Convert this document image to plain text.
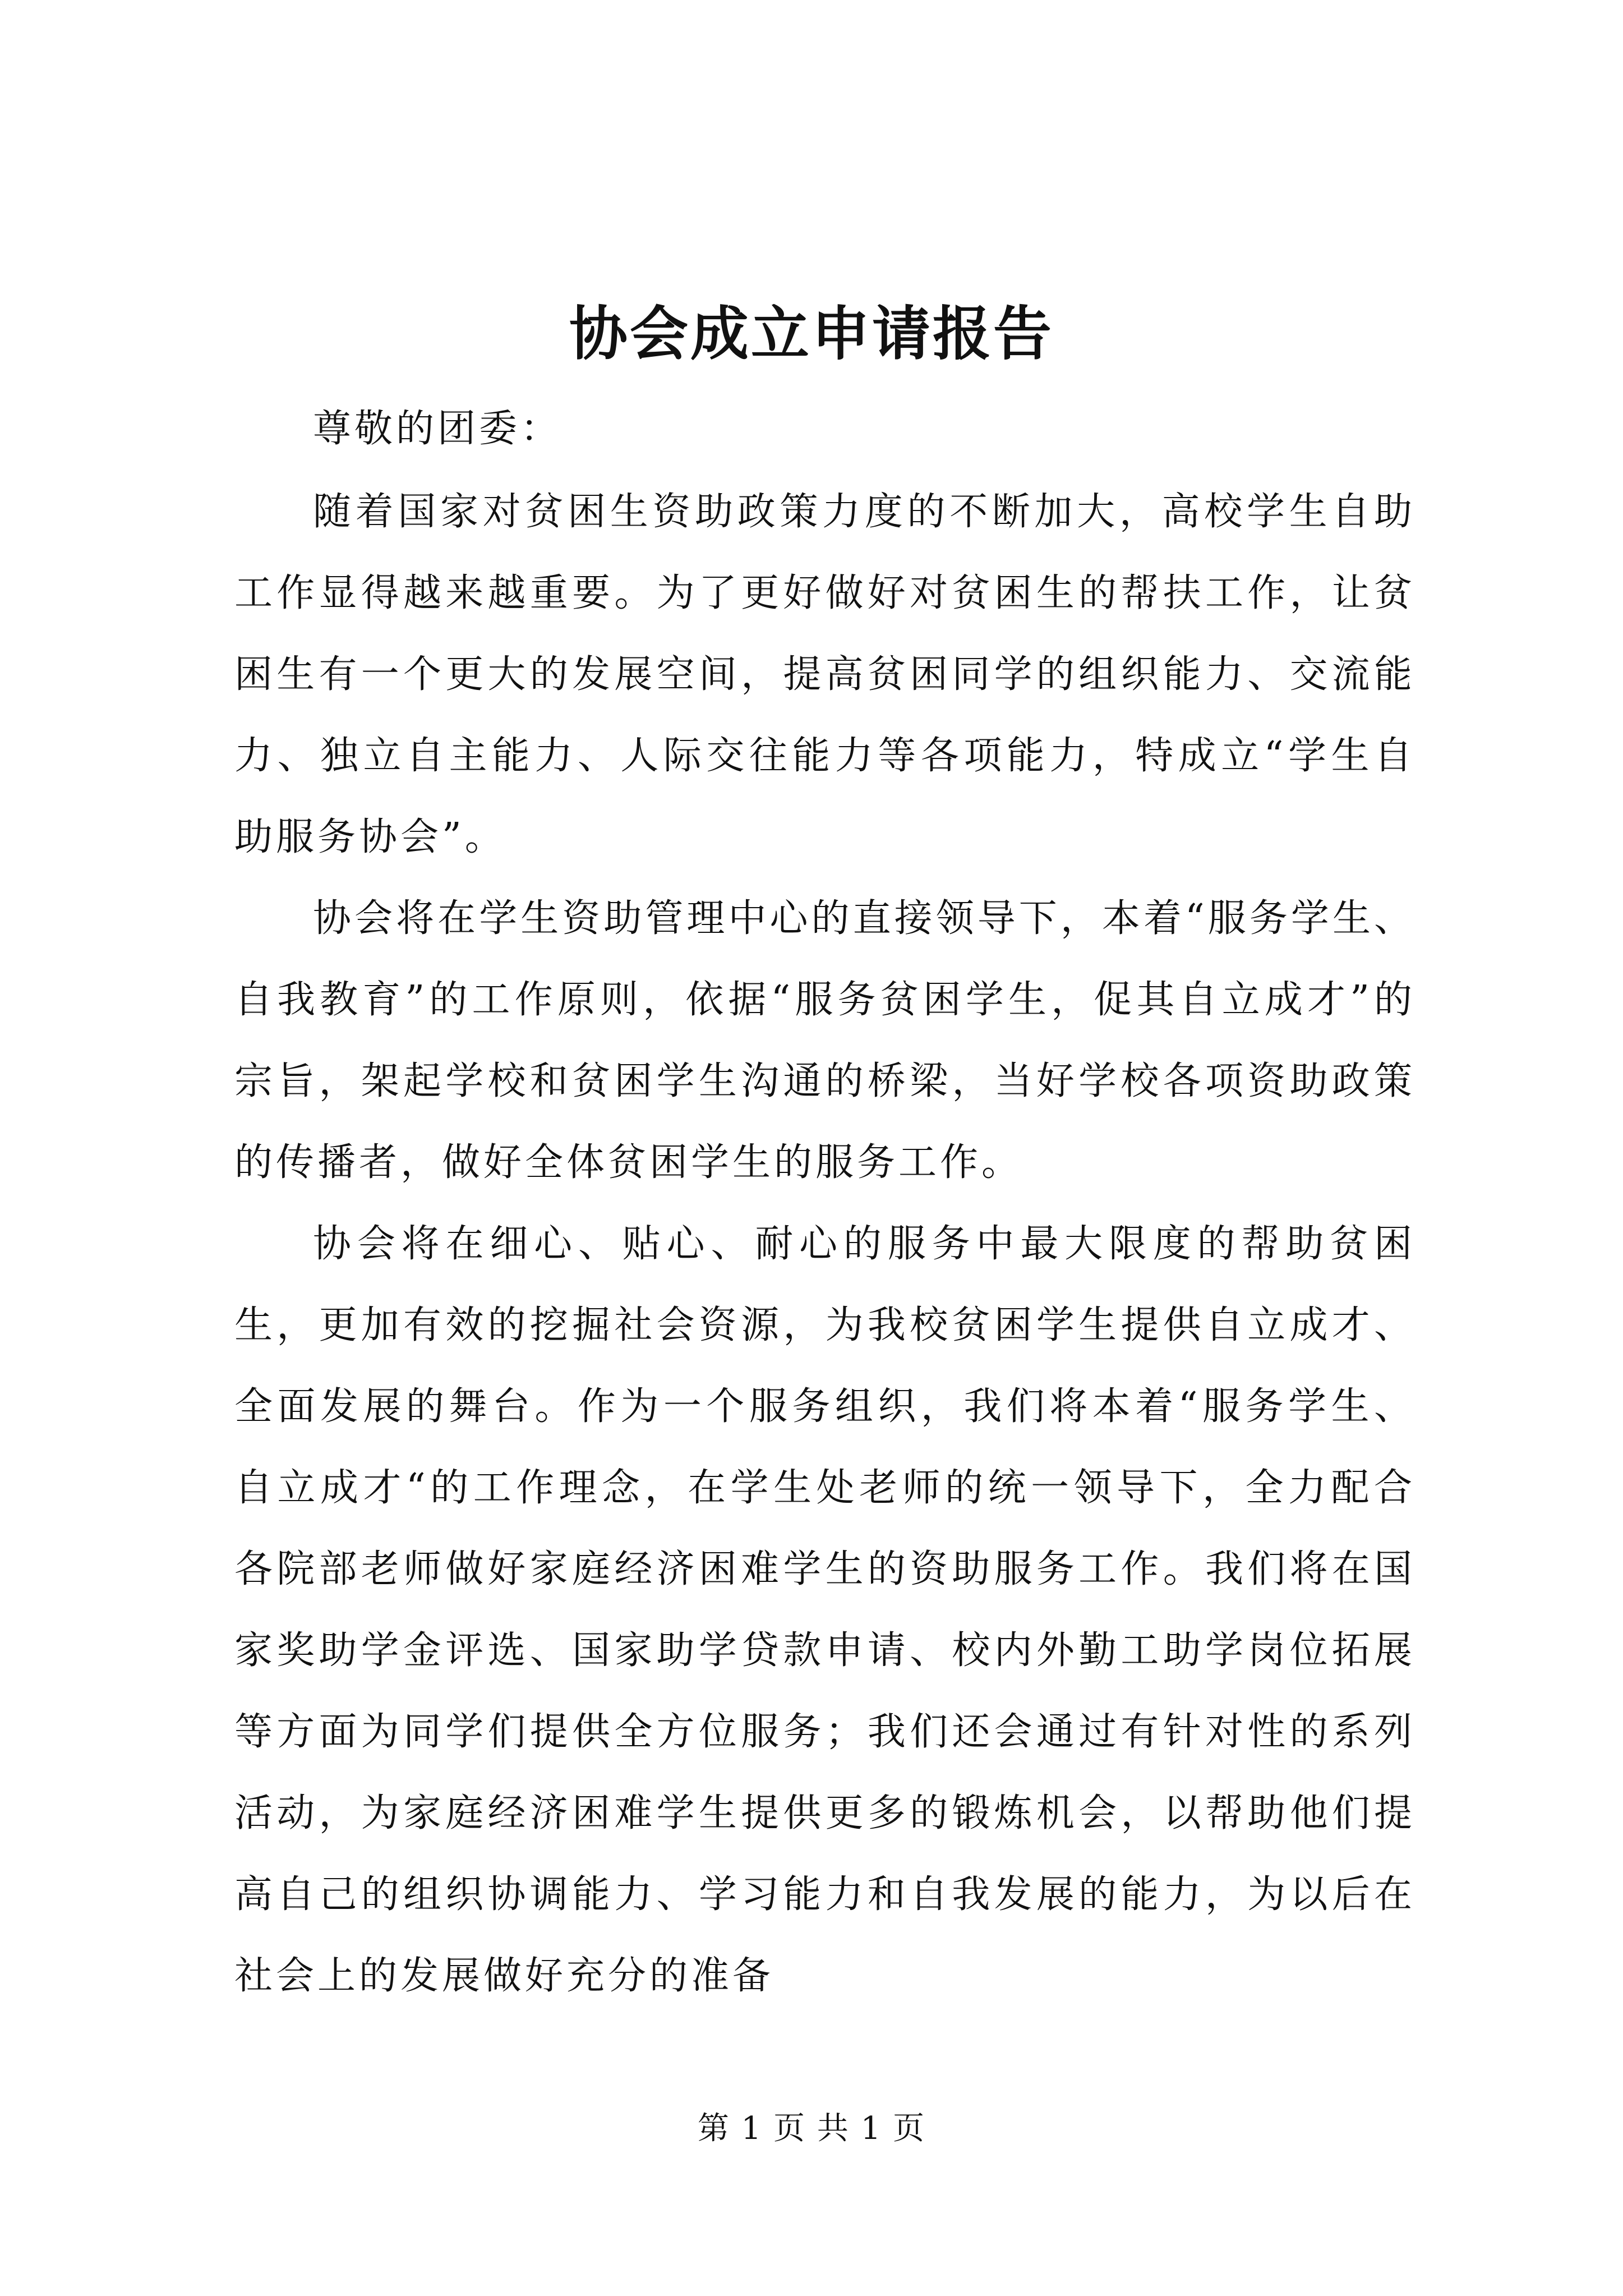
协会成立申请报告

尊敬的团委：

随着国家对贫困生资助政策力度的不断加大，高校学生自助工作显得越来越重要。为了更好做好对贫困生的帮扶工作，让贫困生有一个更大的发展空间，提高贫困同学的组织能力、交流能力、独立自主能力、人际交往能力等各项能力，特成立“学生自助服务协会”。

协会将在学生资助管理中心的直接领导下，本着“服务学生、自我教育”的工作原则，依据“服务贫困学生，促其自立成才”的宗旨，架起学校和贫困学生沟通的桥梁，当好学校各项资助政策的传播者，做好全体贫困学生的服务工作。

协会将在细心、贴心、耐心的服务中最大限度的帮助贫困生，更加有效的挖掘社会资源，为我校贫困学生提供自立成才、全面发展的舞台。作为一个服务组织，我们将本着“服务学生、自立成才“的工作理念，在学生处老师的统一领导下，全力配合各院部老师做好家庭经济困难学生的资助服务工作。我们将在国家奖助学金评选、国家助学贷款申请、校内外勤工助学岗位拓展等方面为同学们提供全方位服务；我们还会通过有针对性的系列活动，为家庭经济困难学生提供更多的锻炼机会，以帮助他们提高自己的组织协调能力、学习能力和自我发展的能力，为以后在社会上的发展做好充分的准备

第 1 页 共 1 页
